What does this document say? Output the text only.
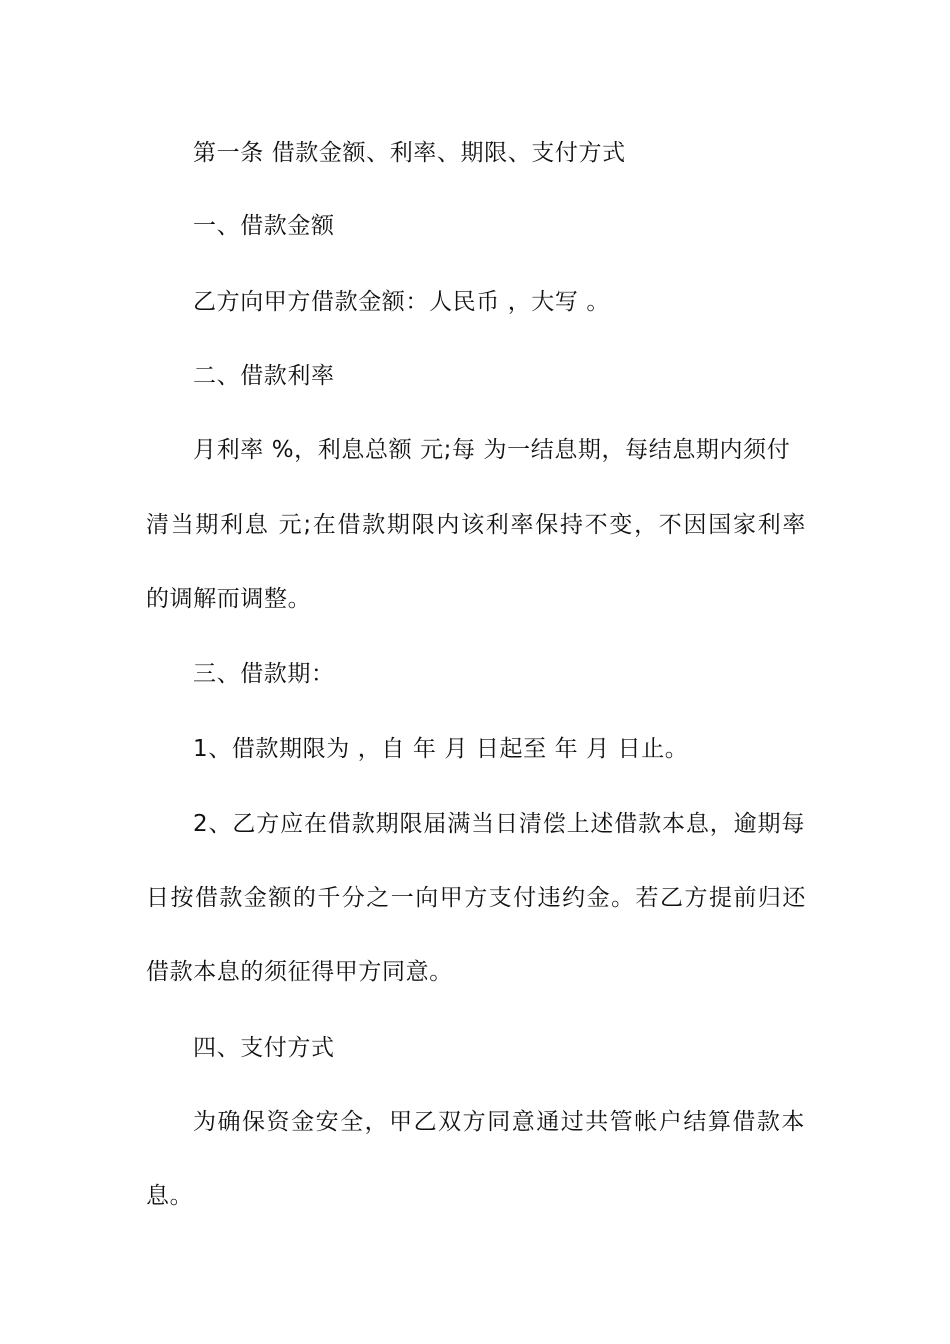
第一条 借款金额、利率、期限、支付方式
一、借款金额
乙方向甲方借款金额：人民币 ，大写 。
二、借款利率
月利率 %，利息总额 元;每 为一结息期，每结息期内须付
清当期利息 元;在借款期限内该利率保持不变，不因国家利率
的调解而调整。
三、借款期：
1、借款期限为 ，自 年 月 日起至 年 月 日止。
2、乙方应在借款期限届满当日清偿上述借款本息，逾期每
日按借款金额的千分之一向甲方支付违约金。若乙方提前归还
借款本息的须征得甲方同意。
四、支付方式
为确保资金安全，甲乙双方同意通过共管帐户结算借款本
息。
